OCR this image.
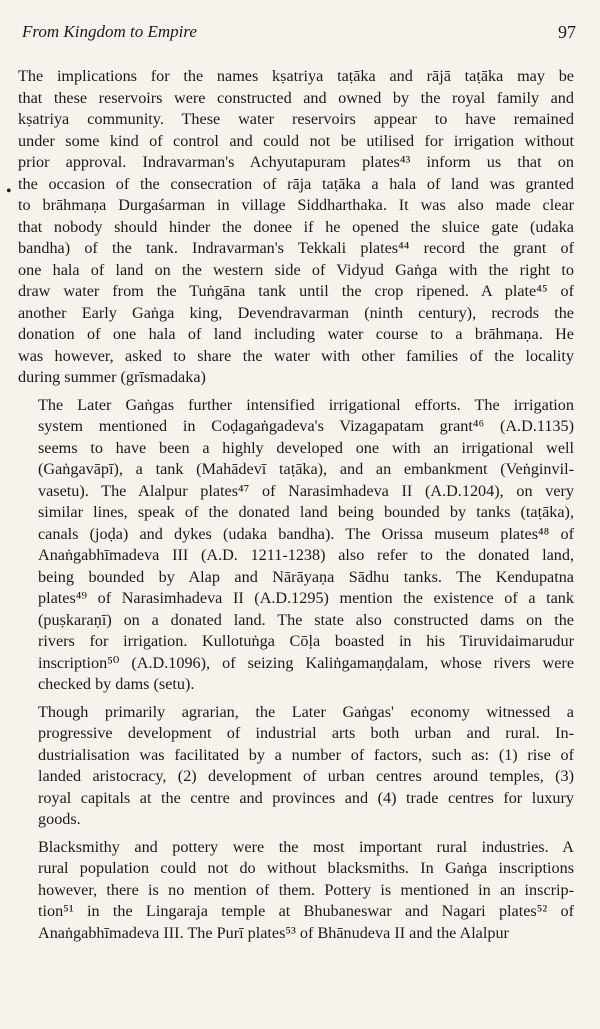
From Kingdom to Empire	97
•
The implications for the names kṣatriya taṭāka and rājā taṭāka may be
that these reservoirs were constructed and owned by the royal family and
kṣatriya community. These water reservoirs appear to have remained
under some kind of control and could not be utilised for irrigation without
prior approval. Indravarman's Achyutapuram plates⁴³ inform us that on
the occasion of the consecration of rāja taṭāka a hala of land was granted
to brāhmaṇa Durgaśarman in village Siddharthaka. It was also made clear
that nobody should hinder the donee if he opened the sluice gate (udaka
bandha) of the tank. Indravarman's Tekkali plates⁴⁴ record the grant of
one hala of land on the western side of Vidyud Gaṅga with the right to
draw water from the Tuṅgāna tank until the crop ripened. A plate⁴⁵ of
another Early Gaṅga king, Devendravarman (ninth century), recrods the
donation of one hala of land including water course to a brāhmaṇa. He
was however, asked to share the water with other families of the locality
during summer (grīsmadaka)
The Later Gaṅgas further intensified irrigational efforts. The irrigation
system mentioned in Coḍagaṅgadeva's Vizagapatam grant⁴⁶ (A.D.1135)
seems to have been a highly developed one with an irrigational well
(Gaṅgavāpī), a tank (Mahādevī taṭāka), and an embankment (Veṅginvil-
vasetu). The Alalpur plates⁴⁷ of Narasimhadeva II (A.D.1204), on very
similar lines, speak of the donated land being bounded by tanks (taṭāka),
canals (joḍa) and dykes (udaka bandha). The Orissa museum plates⁴⁸ of
Anaṅgabhīmadeva III (A.D. 1211-1238) also refer to the donated land,
being bounded by Alap and Nārāyaṇa Sādhu tanks. The Kendupatna
plates⁴⁹ of Narasimhadeva II (A.D.1295) mention the existence of a tank
(puṣkaraṇī) on a donated land. The state also constructed dams on the
rivers for irrigation. Kullotuṅga Cōḷa boasted in his Tiruvidaimarudur
inscription⁵⁰ (A.D.1096), of seizing Kaliṅgamaṇḍalam, whose rivers were
checked by dams (setu).
Though primarily agrarian, the Later Gaṅgas' economy witnessed a
progressive development of industrial arts both urban and rural. In-
dustrialisation was facilitated by a number of factors, such as: (1) rise of
landed aristocracy, (2) development of urban centres around temples, (3)
royal capitals at the centre and provinces and (4) trade centres for luxury
goods.
Blacksmithy and pottery were the most important rural industries. A
rural population could not do without blacksmiths. In Gaṅga inscriptions
however, there is no mention of them. Pottery is mentioned in an inscrip-
tion⁵¹ in the Lingaraja temple at Bhubaneswar and Nagari plates⁵² of
Anaṅgabhīmadeva III. The Purī plates⁵³ of Bhānudeva II and the Alalpur
